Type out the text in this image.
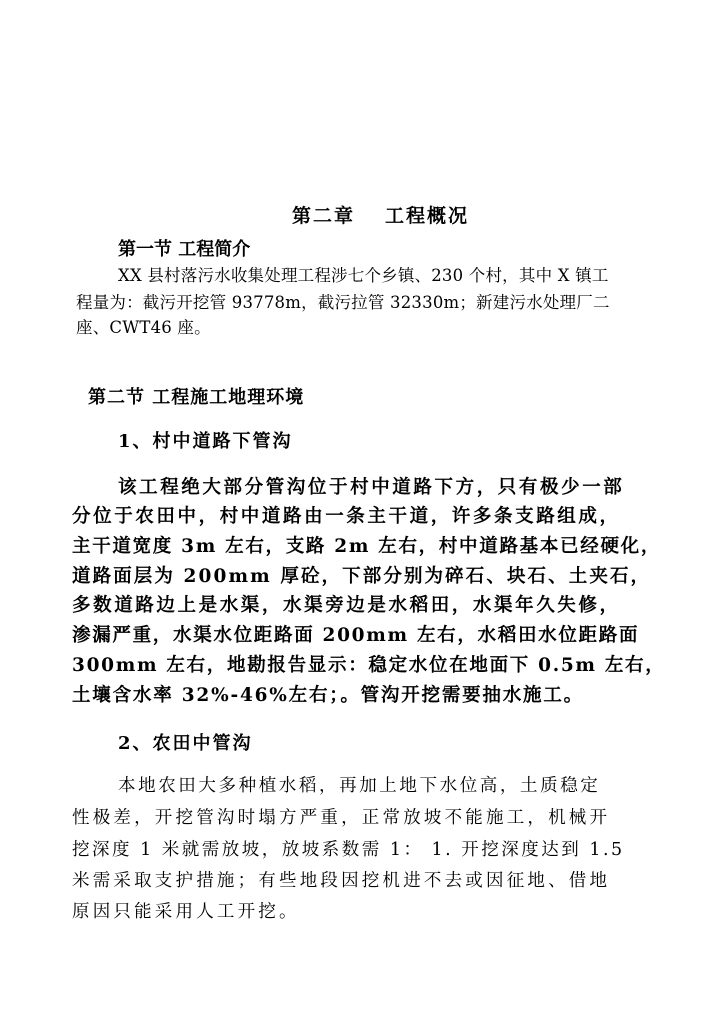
第二章 工程概况
第一节 工程简介
XX 县村落污水收集处理工程涉七个乡镇、230 个村，其中 X 镇工
程量为：截污开挖管 93778m，截污拉管 32330m；新建污水处理厂二
座、CWT46 座。
第二节 工程施工地理环境
1、村中道路下管沟
该工程绝大部分管沟位于村中道路下方，只有极少一部
分位于农田中，村中道路由一条主干道，许多条支路组成，
主干道宽度 3m 左右，支路 2m 左右，村中道路基本已经硬化，
道路面层为 200mm 厚砼，下部分别为碎石、块石、土夹石，
多数道路边上是水渠，水渠旁边是水稻田，水渠年久失修，
渗漏严重，水渠水位距路面 200mm 左右，水稻田水位距路面
300mm 左右，地勘报告显示：稳定水位在地面下 0.5m 左右，
土壤含水率 32%-46%左右；。管沟开挖需要抽水施工。
2、农田中管沟
本地农田大多种植水稻，再加上地下水位高，土质稳定
性极差，开挖管沟时塌方严重，正常放坡不能施工，机械开
挖深度 1 米就需放坡，放坡系数需 1： 1. 开挖深度达到 1.5
米需采取支护措施；有些地段因挖机进不去或因征地、借地
原因只能采用人工开挖。
